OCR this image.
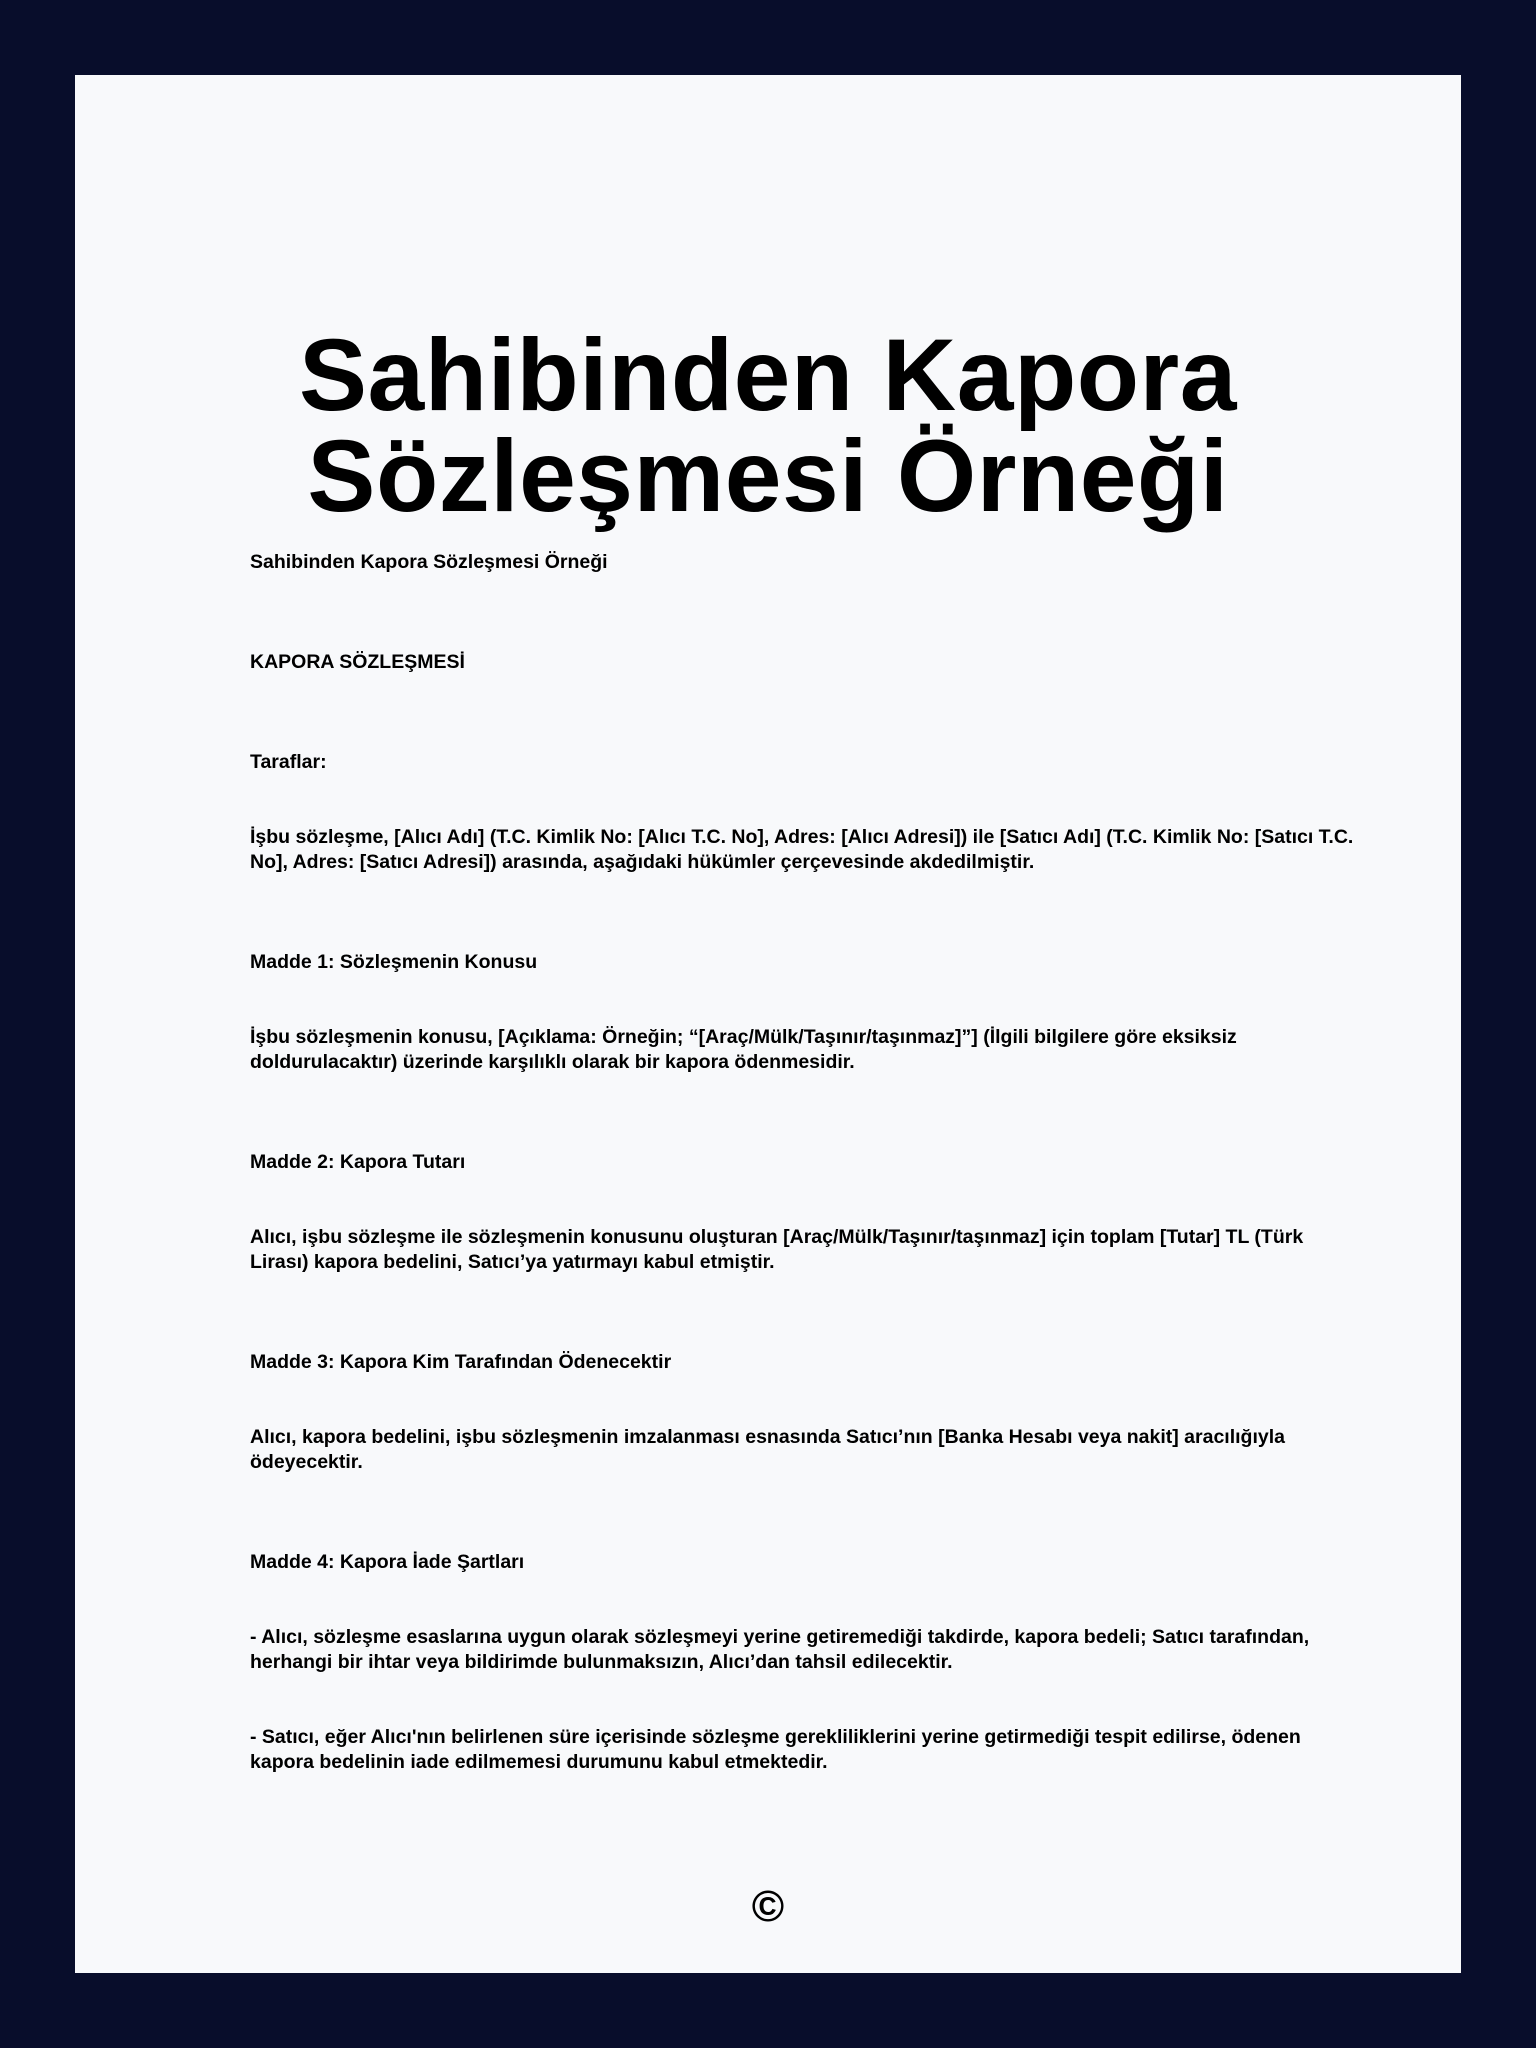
Sahibinden Kapora
Sözleşmesi Örneği

Sahibinden Kapora Sözleşmesi Örneği

KAPORA SÖZLEŞMESİ

Taraflar:

İşbu sözleşme, [Alıcı Adı] (T.C. Kimlik No: [Alıcı T.C. No], Adres: [Alıcı Adresi]) ile [Satıcı Adı] (T.C. Kimlik No: [Satıcı T.C. No], Adres: [Satıcı Adresi]) arasında, aşağıdaki hükümler çerçevesinde akdedilmiştir.

Madde 1: Sözleşmenin Konusu

İşbu sözleşmenin konusu, [Açıklama: Örneğin; “[Araç/Mülk/Taşınır/taşınmaz]”] (İlgili bilgilere göre eksiksiz doldurulacaktır) üzerinde karşılıklı olarak bir kapora ödenmesidir.

Madde 2: Kapora Tutarı

Alıcı, işbu sözleşme ile sözleşmenin konusunu oluşturan [Araç/Mülk/Taşınır/taşınmaz] için toplam [Tutar] TL (Türk Lirası) kapora bedelini, Satıcı’ya yatırmayı kabul etmiştir.

Madde 3: Kapora Kim Tarafından Ödenecektir

Alıcı, kapora bedelini, işbu sözleşmenin imzalanması esnasında Satıcı’nın [Banka Hesabı veya nakit] aracılığıyla ödeyecektir.

Madde 4: Kapora İade Şartları

- Alıcı, sözleşme esaslarına uygun olarak sözleşmeyi yerine getiremediği takdirde, kapora bedeli; Satıcı tarafından, herhangi bir ihtar veya bildirimde bulunmaksızın, Alıcı’dan tahsil edilecektir.

- Satıcı, eğer Alıcı'nın belirlenen süre içerisinde sözleşme gerekliliklerini yerine getirmediği tespit edilirse, ödenen kapora bedelinin iade edilmemesi durumunu kabul etmektedir.

©
